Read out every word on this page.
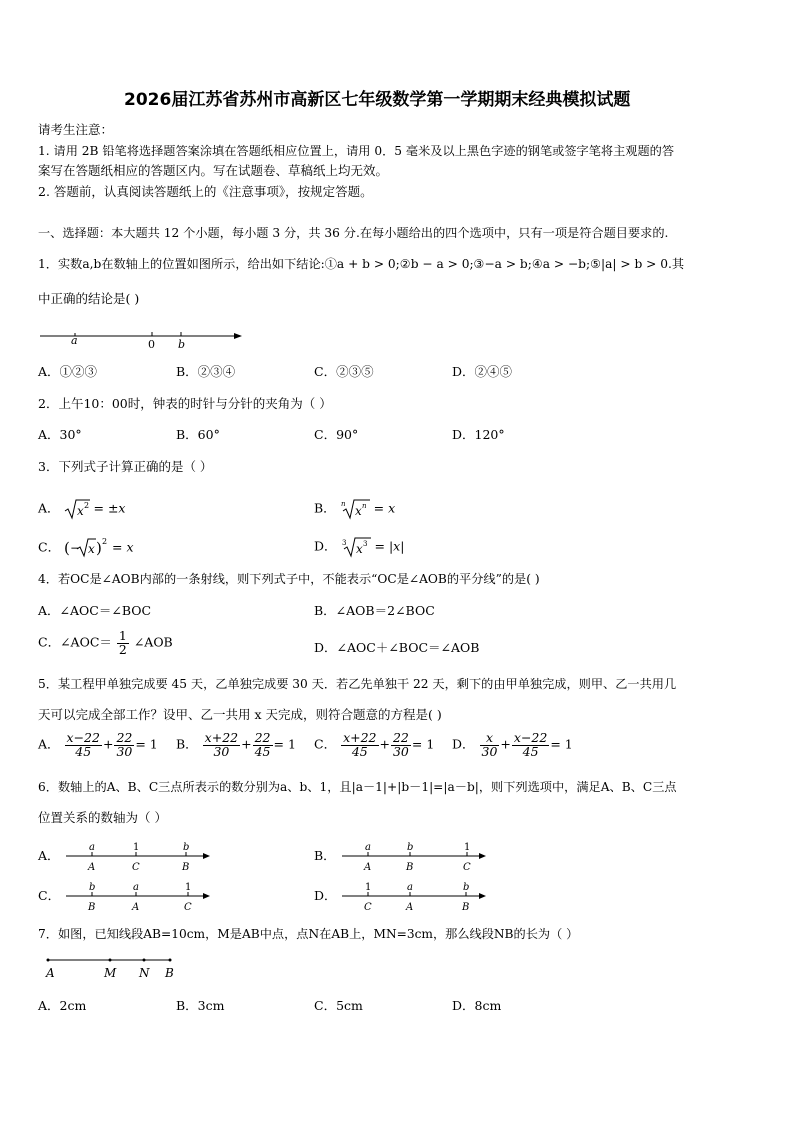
2026届江苏省苏州市高新区七年级数学第一学期期末经典模拟试题
请考生注意：
1. 请用 2B 铅笔将选择题答案涂填在答题纸相应位置上，请用 0．5 毫米及以上黑色字迹的钢笔或签字笔将主观题的答
案写在答题纸相应的答题区内。写在试题卷、草稿纸上均无效。
2. 答题前，认真阅读答题纸上的《注意事项》，按规定答题。
一、选择题：本大题共 12 个小题，每小题 3 分，共 36 分.在每小题给出的四个选项中，只有一项是符合题目要求的.
1．实数a,b在数轴上的位置如图所示，给出如下结论:①a + b > 0;②b − a > 0;③−a > b;④a > −b;⑤|a| > b > 0.其
中正确的结论是( )
a	0 b
A．①②③	B．②③④	C．②③⑤	D．②④⑤
2．上午10：00时，钟表的时针与分针的夹角为（ ）
A．30°	B．60°	C．90°	D．120°
3．下列式子计算正确的是（ ）
A． x 2 = ±x	B． n x n = x
C． ( − x ) 2 = x	D． 3 x 3 = |x|
4．若OC是∠AOB内部的一条射线，则下列式子中，不能表示“OC是∠AOB的平分线”的是( )
A．∠AOC＝∠BOC	B．∠AOB＝2∠BOC
C．∠AOC＝ $\frac{1}{2}$ ∠AOB	D．∠AOC＋∠BOC＝∠AOB
5．某工程甲单独完成要 45 天，乙单独完成要 30 天．若乙先单独干 22 天，剩下的由甲单独完成，则甲、乙一共用几
天可以完成全部工作？设甲、乙一共用 x 天完成，则符合题意的方程是( )
A． $\frac{x-22}{45} + \frac{22}{30} = 1$ B． $\frac{x+22}{30} + \frac{22}{45} = 1$ C． $\frac{x+22}{45} + \frac{22}{30} = 1$ D． $\frac{x}{30} + \frac{x-22}{45} = 1$
6．数轴上的A、B、C三点所表示的数分别为a、b、1，且|a－1|+|b－1|=|a－b|，则下列选项中，满足A、B、C三点
位置关系的数轴为（ ）
A．
a	1	b
A	C	B
B．
a	b	1
A	B	C
C．
b	a	1
B	A	C
D．
1	a	b
C	A	B
7．如图，已知线段AB=10cm，M是AB中点，点N在AB上，MN=3cm，那么线段NB的长为（ ）
A	M N B
A．2cm	B．3cm	C．5cm	D．8cm
